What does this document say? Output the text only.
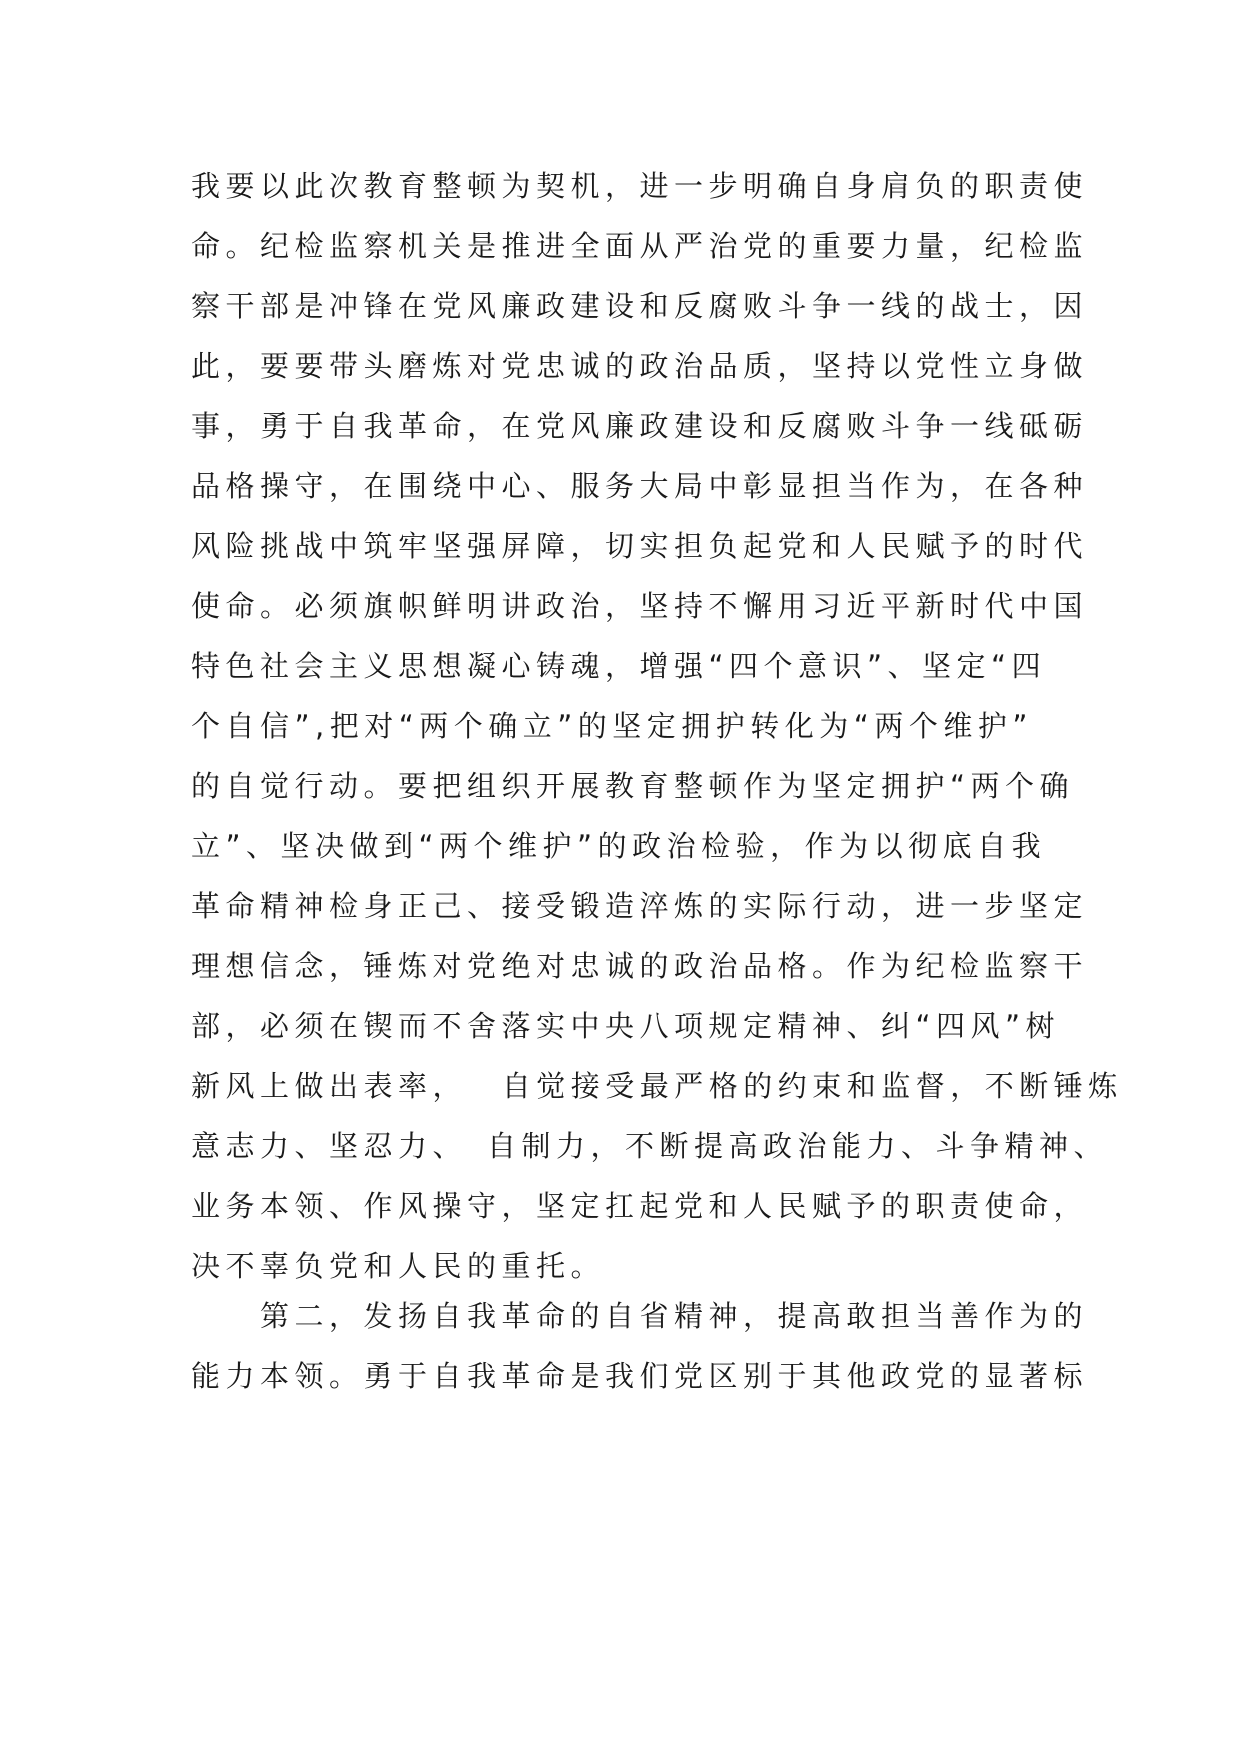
我要以此次教育整顿为契机，进一步明确自身肩负的职责使
命。纪检监察机关是推进全面从严治党的重要力量，纪检监
察干部是冲锋在党风廉政建设和反腐败斗争一线的战士，因
此，要要带头磨炼对党忠诚的政治品质，坚持以党性立身做
事，勇于自我革命，在党风廉政建设和反腐败斗争一线砥砺
品格操守，在围绕中心、服务大局中彰显担当作为，在各种
风险挑战中筑牢坚强屏障，切实担负起党和人民赋予的时代
使命。必须旗帜鲜明讲政治，坚持不懈用习近平新时代中国
特色社会主义思想凝心铸魂，增强“四个意识”、坚定“四
个自信”,把对“两个确立”的坚定拥护转化为“两个维护”
的自觉行动。要把组织开展教育整顿作为坚定拥护“两个确
立”、坚决做到“两个维护”的政治检验，作为以彻底自我
革命精神检身正己、接受锻造淬炼的实际行动，进一步坚定
理想信念，锤炼对党绝对忠诚的政治品格。作为纪检监察干
部，必须在锲而不舍落实中央八项规定精神、纠“四风”树
新风上做出表率，　 自觉接受最严格的约束和监督，不断锤炼
意志力、坚忍力、　自制力，不断提高政治能力、斗争精神、
业务本领、作风操守，坚定扛起党和人民赋予的职责使命，
决不辜负党和人民的重托。
　　第二，发扬自我革命的自省精神，提高敢担当善作为的
能力本领。勇于自我革命是我们党区别于其他政党的显著标
